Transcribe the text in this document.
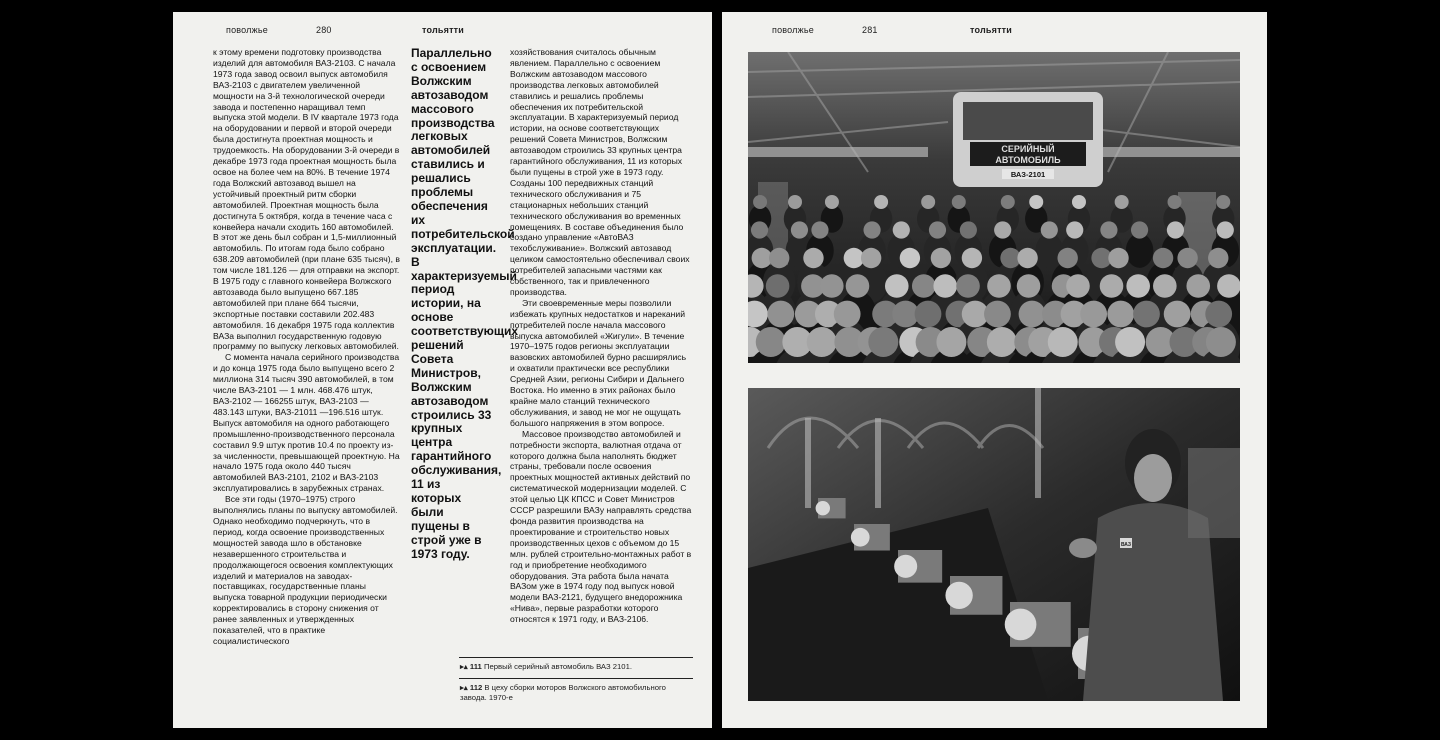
поволжье	280	тольятти

к этому времени подготовку производства изделий для автомобиля ВАЗ-2103. С начала 1973 года завод освоил выпуск автомобиля ВАЗ-2103 с двигателем увеличенной мощности на 3-й технологической очереди завода и постепенно наращивал темп выпуска этой модели. В IV квартале 1973 года на оборудовании и первой и второй очереди была достигнута проектная мощность и трудоемкость. На оборудовании 3-й очереди в декабре 1973 года проектная мощность была освое на более чем на 80%. В течение 1974 года Волжский автозавод вышел на устойчивый проектный ритм сборки автомобилей. Проектная мощность была достигнута 5 октября, когда в течение часа с конвейера начали сходить 160 автомобилей. В этот же день был собран и 1,5-миллионный автомобиль. По итогам года было собрано 638.209 автомобилей (при плане 635 тысяч), в том числе 181.126 — для отправки на экспорт. В 1975 году с главного конвейера Волжского автозавода было выпущено 667.185 автомобилей при плане 664 тысячи, экспортные поставки составили 202.483 автомобиля. 16 декабря 1975 года коллектив ВАЗа выполнил государственную годовую программу по выпуску легковых автомобилей.

С момента начала серийного производства и до конца 1975 года было выпущено всего 2 миллиона 314 тысяч 390 автомобилей, в том числе ВАЗ-2101 — 1 млн. 468.476 штук, ВАЗ-2102 — 166255 штук, ВАЗ-2103 — 483.143 штуки, ВАЗ-21011 —196.516 штук. Выпуск автомобиля на одного работающего промышленно-производственного персонала составил 9.9 штук против 10.4 по проекту из-за численности, превышающей проектную. На начало 1975 года около 440 тысяч автомобилей ВАЗ-2101, 2102 и ВАЗ-2103 эксплуатировались в зарубежных странах.

Все эти годы (1970–1975) строго выполнялись планы по выпуску автомобилей. Однако необходимо подчеркнуть, что в период, когда освоение производственных мощностей завода шло в обстановке незавершенного строительства и продолжающегося освоения комплектующих изделий и материалов на заводах-поставщиках, государственные планы выпуска товарной продукции периодически корректировались в сторону снижения от ранее заявленных и утвержденных показателей, что в практике социалистического

Параллельно с освоением Волжским автозаводом массового производства легковых автомобилей ставились и решались проблемы обеспечения их потребительской эксплуатации. В характеризуемый период истории, на основе соответствующих решений Совета Министров, Волжским автозаводом строились 33 крупных центра гарантийного обслуживания, 11 из которых были пущены в строй уже в 1973 году.

хозяйствования считалось обычным явлением. Параллельно с освоением Волжским автозаводом массового производства легковых автомобилей ставились и решались проблемы обеспечения их потребительской эксплуатации. В характеризуемый период истории, на основе соответствующих решений Совета Министров, Волжским автозаводом строились 33 крупных центра гарантийного обслуживания, 11 из которых были пущены в строй уже в 1973 году. Созданы 100 передвижных станций технического обслуживания и 75 стационарных небольших станций технического обслуживания во временных помещениях. В составе объединения было создано управление «АвтоВАЗ техобслуживание». Волжский автозавод целиком самостоятельно обеспечивал своих потребителей запасными частями как собственного, так и привлеченного производства.

Эти своевременные меры позволили избежать крупных недостатков и нареканий потребителей после начала массового выпуска автомобилей «Жигули». В течение 1970–1975 годов регионы эксплуатации вазовских автомобилей бурно расширялись и охватили практически все республики Средней Азии, регионы Сибири и Дальнего Востока. Но именно в этих районах было крайне мало станций технического обслуживания, и завод не мог не ощущать большого напряжения в этом вопросе.

Массовое производство автомобилей и потребности экспорта, валютная отдача от которого должна была наполнять бюджет страны, требовали после освоения проектных мощностей активных действий по систематической модернизации моделей. С этой целью ЦК КПСС и Совет Министров СССР разрешили ВАЗу направлять средства фонда развития производства на проектирование и строительство новых производственных цехов с объемом до 15 млн. рублей строительно-монтажных работ в год и приобретение необходимого оборудования. Эта работа была начата ВАЗом уже в 1974 году под выпуск новой модели ВАЗ-2121, будущего внедорожника «Нива», первые разработки которого относятся к 1971 году, и ВАЗ-2106.

▸▴ 111 Первый серийный автомобиль ВАЗ 2101.
▸▴ 112 В цеху сборки моторов Волжского автомобильного завода. 1970-е
поволжье	281	тольятти
СЕРИЙНЫЙ
АВТОМОБИЛЬ
ВАЗ-2101
ВАЗ
